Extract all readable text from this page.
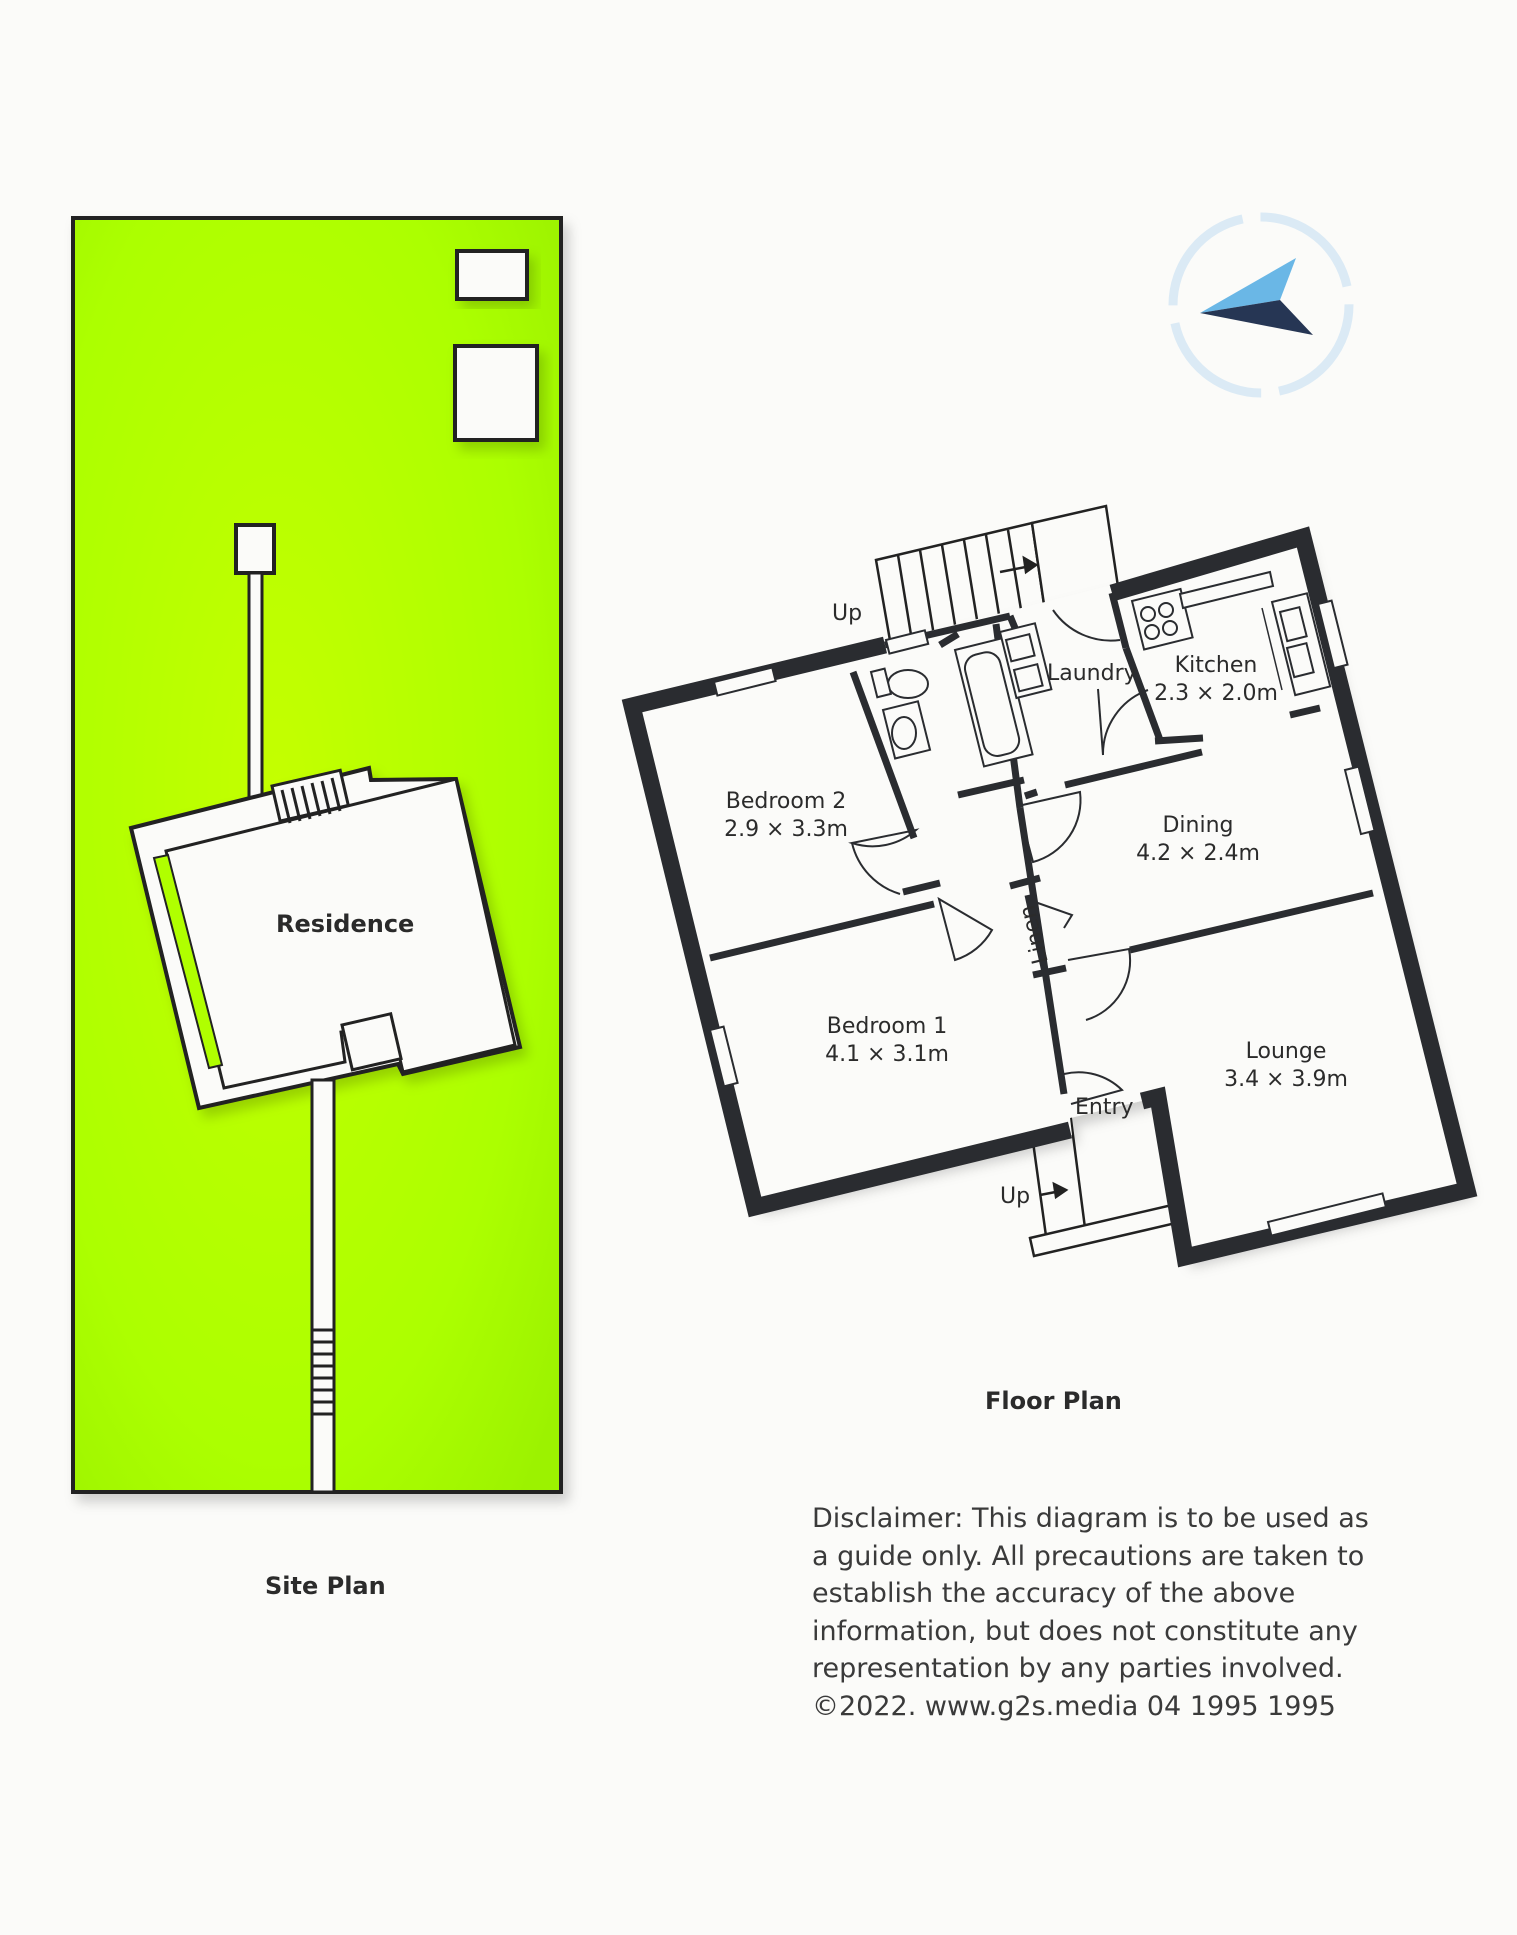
Residence
Up
Up
Bedroom 2
2.9 × 3.3m
Bedroom 1
4.1 × 3.1m
Kitchen
2.3 × 2.0m
Dining
4.2 × 2.4m
Lounge
3.4 × 3.9m
Laundry
Entry
Linen
Site Plan
Floor Plan
Disclaimer: This diagram is to be used as
a guide only. All precautions are taken to
establish the accuracy of the above
information, but does not constitute any
representation by any parties involved.
©2022. www.g2s.media 04 1995 1995
